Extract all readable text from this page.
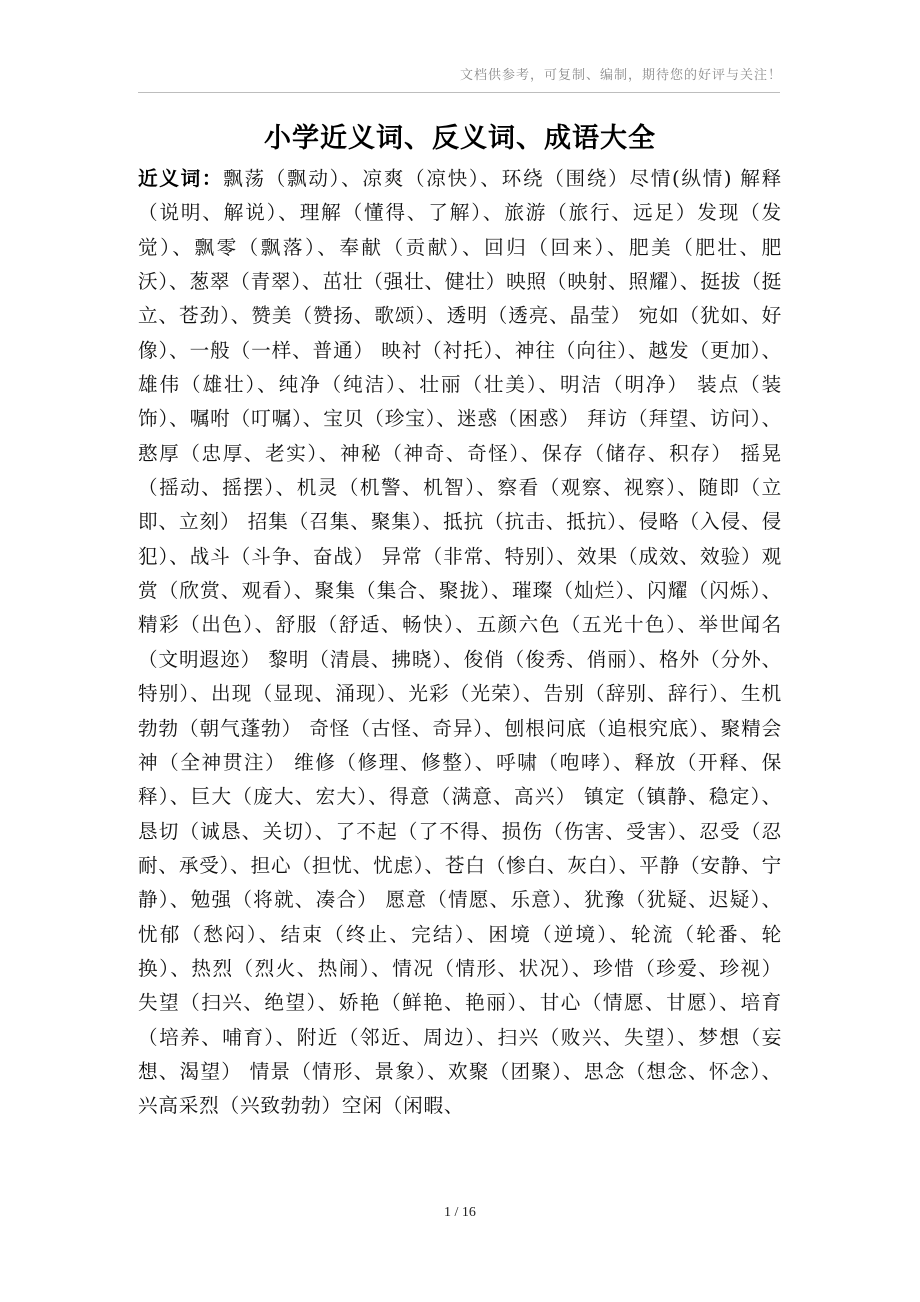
文档供参考，可复制、编制，期待您的好评与关注！
小学近义词、反义词、成语大全
近义词：飘荡（飘动）、凉爽（凉快）、环绕（围绕）尽情(纵情) 解释（说明、解说）、理解（懂得、了解）、旅游（旅行、远足）发现（发觉）、飘零（飘落）、奉献（贡献）、回归（回来）、肥美（肥壮、肥沃）、葱翠（青翠）、茁壮（强壮、健壮）映照（映射、照耀）、挺拔（挺立、苍劲）、赞美（赞扬、歌颂）、透明（透亮、晶莹） 宛如（犹如、好像）、一般（一样、普通） 映衬（衬托）、神往（向往）、越发（更加）、雄伟（雄壮）、纯净（纯洁）、壮丽（壮美）、明洁（明净） 装点（装饰）、嘱咐（叮嘱）、宝贝（珍宝）、迷惑（困惑） 拜访（拜望、访问）、憨厚（忠厚、老实）、神秘（神奇、奇怪）、保存（储存、积存） 摇晃（摇动、摇摆）、机灵（机警、机智）、察看（观察、视察）、随即（立即、立刻） 招集（召集、聚集）、抵抗（抗击、抵抗）、侵略（入侵、侵犯）、战斗（斗争、奋战） 异常（非常、特别）、效果（成效、效验）观赏（欣赏、观看）、聚集（集合、聚拢）、璀璨（灿烂）、闪耀（闪烁）、精彩（出色）、舒服（舒适、畅快）、五颜六色（五光十色）、举世闻名（文明遐迩） 黎明（清晨、拂晓）、俊俏（俊秀、俏丽）、格外（分外、特别）、出现（显现、涌现）、光彩（光荣）、告别（辞别、辞行）、生机勃勃（朝气蓬勃） 奇怪（古怪、奇异）、刨根问底（追根究底）、聚精会神（全神贯注） 维修（修理、修整）、呼啸（咆哮）、释放（开释、保释）、巨大（庞大、宏大）、得意（满意、高兴） 镇定（镇静、稳定）、恳切（诚恳、关切）、了不起（了不得、损伤（伤害、受害）、忍受（忍耐、承受）、担心（担忧、忧虑）、苍白（惨白、灰白）、平静（安静、宁静）、勉强（将就、凑合） 愿意（情愿、乐意）、犹豫（犹疑、迟疑）、忧郁（愁闷）、结束（终止、完结）、困境（逆境）、轮流（轮番、轮换）、热烈（烈火、热闹）、情况（情形、状况）、珍惜（珍爱、珍视） 失望（扫兴、绝望）、娇艳（鲜艳、艳丽）、甘心（情愿、甘愿）、培育（培养、哺育）、附近（邻近、周边）、扫兴（败兴、失望）、梦想（妄想、渴望） 情景（情形、景象）、欢聚（团聚）、思念（想念、怀念）、兴高采烈（兴致勃勃）空闲（闲暇、
1 / 16
